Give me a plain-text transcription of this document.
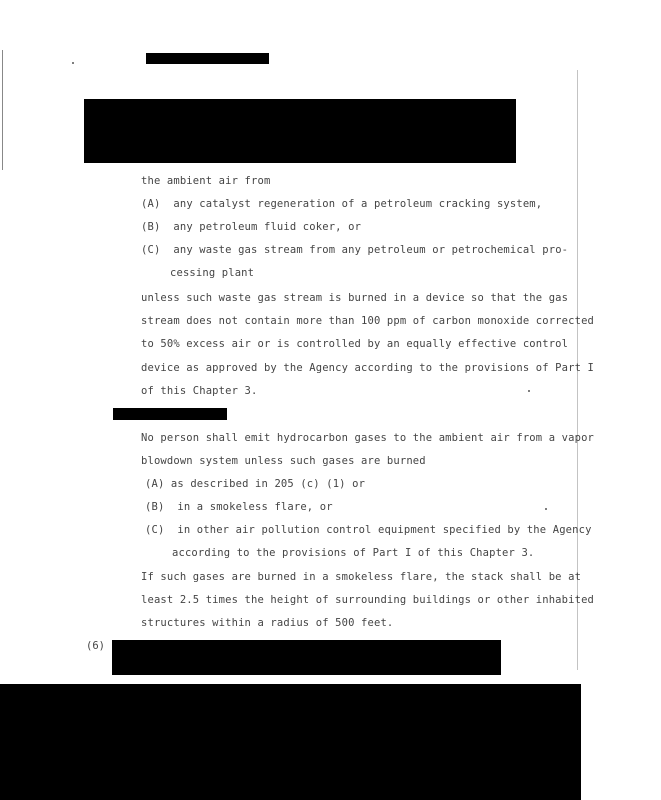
the ambient air from
(A) any catalyst regeneration of a petroleum cracking system,
(B) any petroleum fluid coker, or
(C) any waste gas stream from any petroleum or petrochemical pro-
cessing plant
unless such waste gas stream is burned in a device so that the gas
stream does not contain more than 100 ppm of carbon monoxide corrected
to 50% excess air or is controlled by an equally effective control
device as approved by the Agency according to the provisions of Part I
of this Chapter 3.
No person shall emit hydrocarbon gases to the ambient air from a vapor
blowdown system unless such gases are burned
(A) as described in 205 (c) (1) or
(B) in a smokeless flare, or
(C) in other air pollution control equipment specified by the Agency
according to the provisions of Part I of this Chapter 3.
If such gases are burned in a smokeless flare, the stack shall be at
least 2.5 times the height of surrounding buildings or other inhabited
structures within a radius of 500 feet.
(6)
